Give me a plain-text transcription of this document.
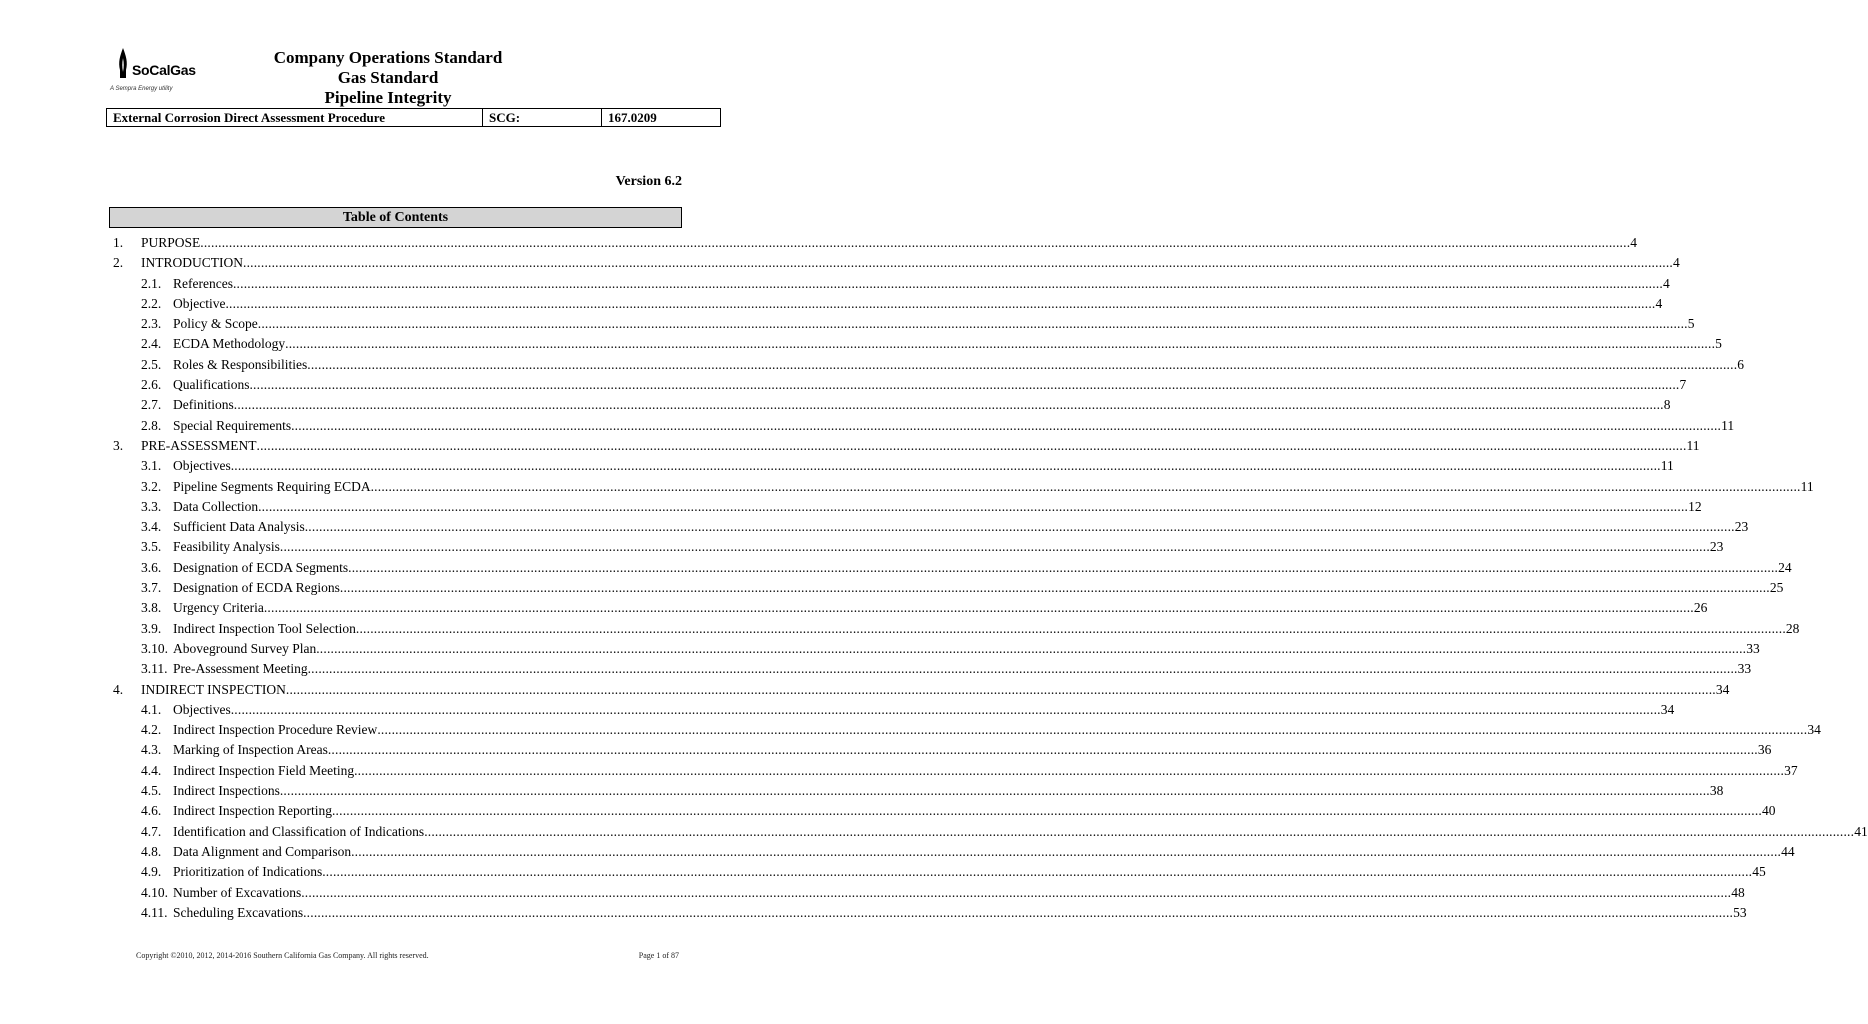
SoCalGas
A Sempra Energy utility
Company Operations Standard
Gas Standard
Pipeline Integrity
External Corrosion Direct Assessment Procedure	SCG:	167.0209
Version 6.2
Table of Contents
1. PURPOSE ................................................................................................................................................................................................................................................................................................................................................................................................................ 4
2. INTRODUCTION ................................................................................................................................................................................................................................................................................................................................................................................................................ 4
2.1. References ................................................................................................................................................................................................................................................................................................................................................................................................................ 4
2.2. Objective ................................................................................................................................................................................................................................................................................................................................................................................................................ 4
2.3. Policy & Scope ................................................................................................................................................................................................................................................................................................................................................................................................................ 5
2.4. ECDA Methodology ................................................................................................................................................................................................................................................................................................................................................................................................................ 5
2.5. Roles & Responsibilities ................................................................................................................................................................................................................................................................................................................................................................................................................ 6
2.6. Qualifications ................................................................................................................................................................................................................................................................................................................................................................................................................ 7
2.7. Definitions ................................................................................................................................................................................................................................................................................................................................................................................................................ 8
2.8. Special Requirements ................................................................................................................................................................................................................................................................................................................................................................................................................ 11
3. PRE-ASSESSMENT ................................................................................................................................................................................................................................................................................................................................................................................................................ 11
3.1. Objectives ................................................................................................................................................................................................................................................................................................................................................................................................................ 11
3.2. Pipeline Segments Requiring ECDA ................................................................................................................................................................................................................................................................................................................................................................................................................ 11
3.3. Data Collection ................................................................................................................................................................................................................................................................................................................................................................................................................ 12
3.4. Sufficient Data Analysis ................................................................................................................................................................................................................................................................................................................................................................................................................ 23
3.5. Feasibility Analysis ................................................................................................................................................................................................................................................................................................................................................................................................................ 23
3.6. Designation of ECDA Segments ................................................................................................................................................................................................................................................................................................................................................................................................................ 24
3.7. Designation of ECDA Regions ................................................................................................................................................................................................................................................................................................................................................................................................................ 25
3.8. Urgency Criteria ................................................................................................................................................................................................................................................................................................................................................................................................................ 26
3.9. Indirect Inspection Tool Selection ................................................................................................................................................................................................................................................................................................................................................................................................................ 28
3.10. Aboveground Survey Plan ................................................................................................................................................................................................................................................................................................................................................................................................................ 33
3.11. Pre-Assessment Meeting ................................................................................................................................................................................................................................................................................................................................................................................................................ 33
4. INDIRECT INSPECTION ................................................................................................................................................................................................................................................................................................................................................................................................................ 34
4.1. Objectives ................................................................................................................................................................................................................................................................................................................................................................................................................ 34
4.2. Indirect Inspection Procedure Review ................................................................................................................................................................................................................................................................................................................................................................................................................ 34
4.3. Marking of Inspection Areas ................................................................................................................................................................................................................................................................................................................................................................................................................ 36
4.4. Indirect Inspection Field Meeting ................................................................................................................................................................................................................................................................................................................................................................................................................ 37
4.5. Indirect Inspections ................................................................................................................................................................................................................................................................................................................................................................................................................ 38
4.6. Indirect Inspection Reporting ................................................................................................................................................................................................................................................................................................................................................................................................................ 40
4.7. Identification and Classification of Indications ................................................................................................................................................................................................................................................................................................................................................................................................................ 41
4.8. Data Alignment and Comparison ................................................................................................................................................................................................................................................................................................................................................................................................................ 44
4.9. Prioritization of Indications ................................................................................................................................................................................................................................................................................................................................................................................................................ 45
4.10. Number of Excavations ................................................................................................................................................................................................................................................................................................................................................................................................................ 48
4.11. Scheduling Excavations ................................................................................................................................................................................................................................................................................................................................................................................................................ 53
Copyright ©2010, 2012, 2014-2016 Southern California Gas Company. All rights reserved.	Page 1 of 87
